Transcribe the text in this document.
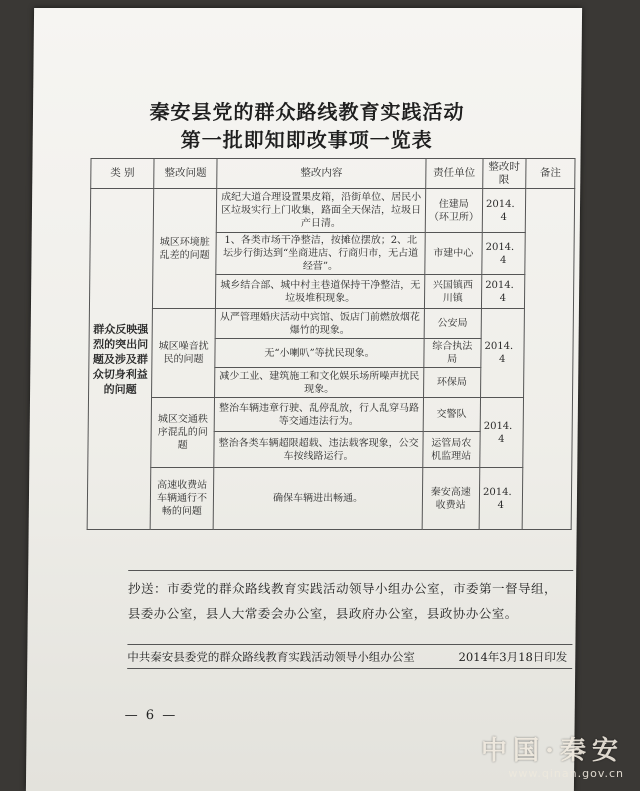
秦安县党的群众路线教育实践活动
第一批即知即改事项一览表
类 别	整改问题	整改内容	责任单位	整改时限	备注
群众反映强烈的突出问题及涉及群众切身利益的问题	城区环境脏乱差的问题	成纪大道合理设置果皮箱，沿街单位、居民小区垃圾实行上门收集，路面全天保洁，垃圾日产日清。	住建局（环卫所）	2014．4	
		1、各类市场干净整洁，按摊位摆放；2、北坛步行街达到“坐商进店、行商归市，无占道经营”。	市建中心	2014．4	
		城乡结合部、城中村主巷道保持干净整洁，无垃圾堆积现象。	兴国镇西川镇	2014．4	
	城区噪音扰民的问题	从严管理婚庆活动中宾馆、饭店门前燃放烟花爆竹的现象。	公安局	2014．4	
		无“小喇叭”等扰民现象。	综合执法局		
		减少工业、建筑施工和文化娱乐场所噪声扰民现象。	环保局		
	城区交通秩序混乱的问题	整治车辆违章行驶、乱停乱放，行人乱穿马路等交通违法行为。	交警队	2014．4	
		整治各类车辆超限超载、违法载客现象，公交车按线路运行。	运管局农机监理站		
	高速收费站车辆通行不畅的问题	确保车辆进出畅通。	秦安高速收费站	2014．4	
抄送：市委党的群众路线教育实践活动领导小组办公室，市委第一督导组，县委办公室，县人大常委会办公室，县政府办公室，县政协办公室。
中共秦安县委党的群众路线教育实践活动领导小组办公室	2014年3月18日印发
— 6 —
中国·秦安
www.qinan.gov.cn
